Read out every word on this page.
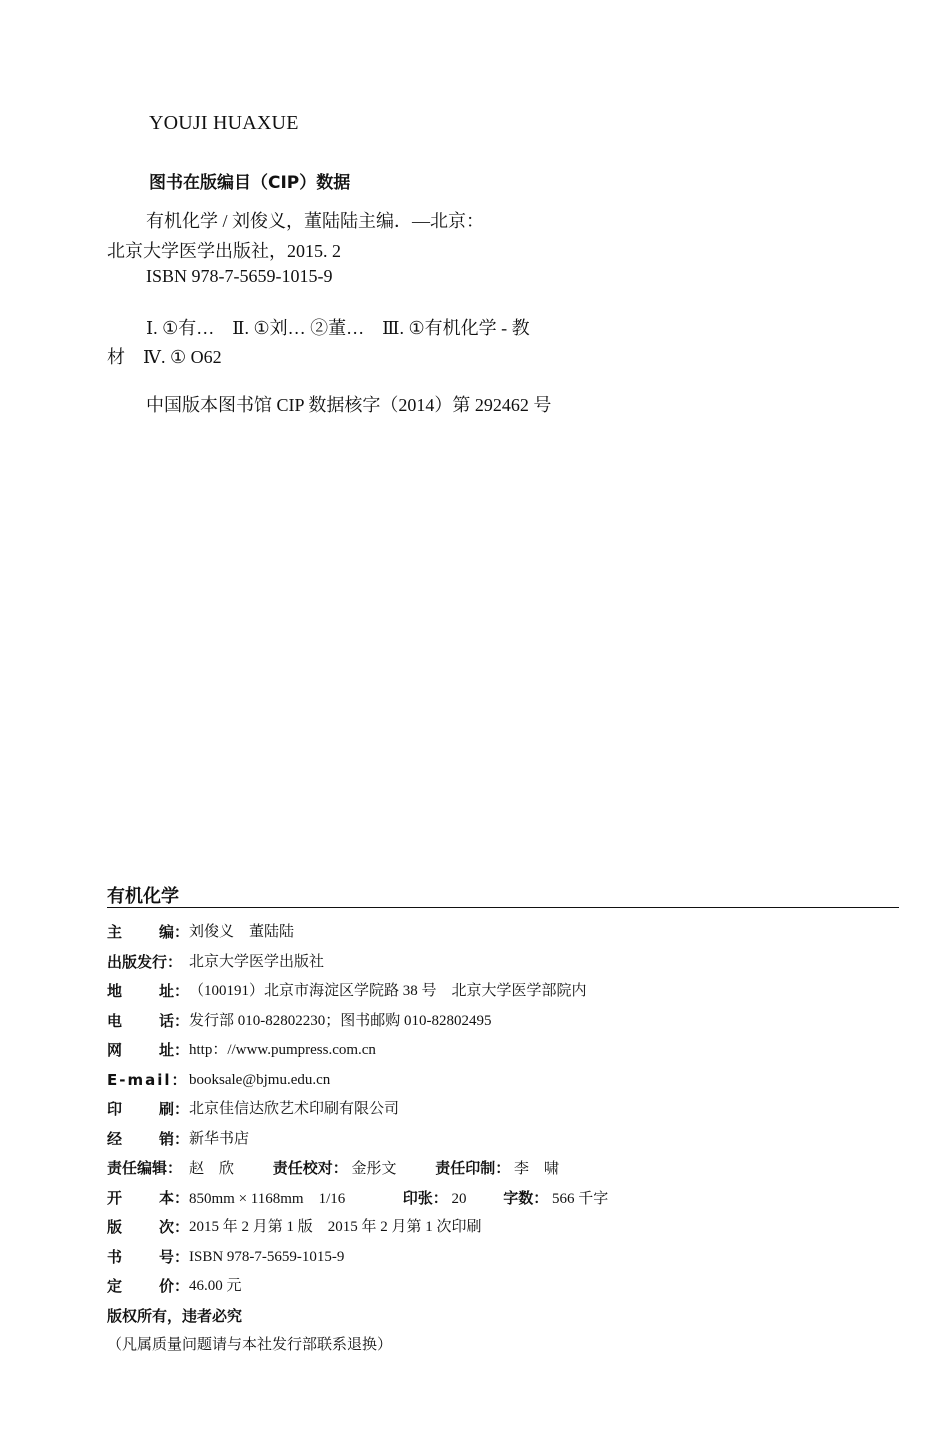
YOUJI HUAXUE
图书在版编目（CIP）数据
有机化学 / 刘俊义，董陆陆主编．—北京：
北京大学医学出版社，2015. 2
ISBN 978-7-5659-1015-9
Ⅰ. ①有…　Ⅱ. ①刘… ②董…　Ⅲ. ①有机化学 - 教
材　Ⅳ. ① O62
中国版本图书馆 CIP 数据核字（2014）第 292462 号
有机化学
主 编： 刘俊义　董陆陆
出版发行： 北京大学医学出版社
地 址： （100191）北京市海淀区学院路 38 号　北京大学医学部院内
电 话： 发行部 010-82802230；图书邮购 010-82802495
网 址： http：//www.pumpress.com.cn
E-mail： booksale@bjmu.edu.cn
印 刷： 北京佳信达欣艺术印刷有限公司
经 销： 新华书店
责任编辑： 赵　欣	责任校对： 金彤文	责任印制： 李　啸
开 本： 850mm × 1168mm　1/16	印张： 20 字数： 566 千字
版 次： 2015 年 2 月第 1 版　2015 年 2 月第 1 次印刷
书 号： ISBN 978-7-5659-1015-9
定 价： 46.00 元
版权所有，违者必究
（凡属质量问题请与本社发行部联系退换）
